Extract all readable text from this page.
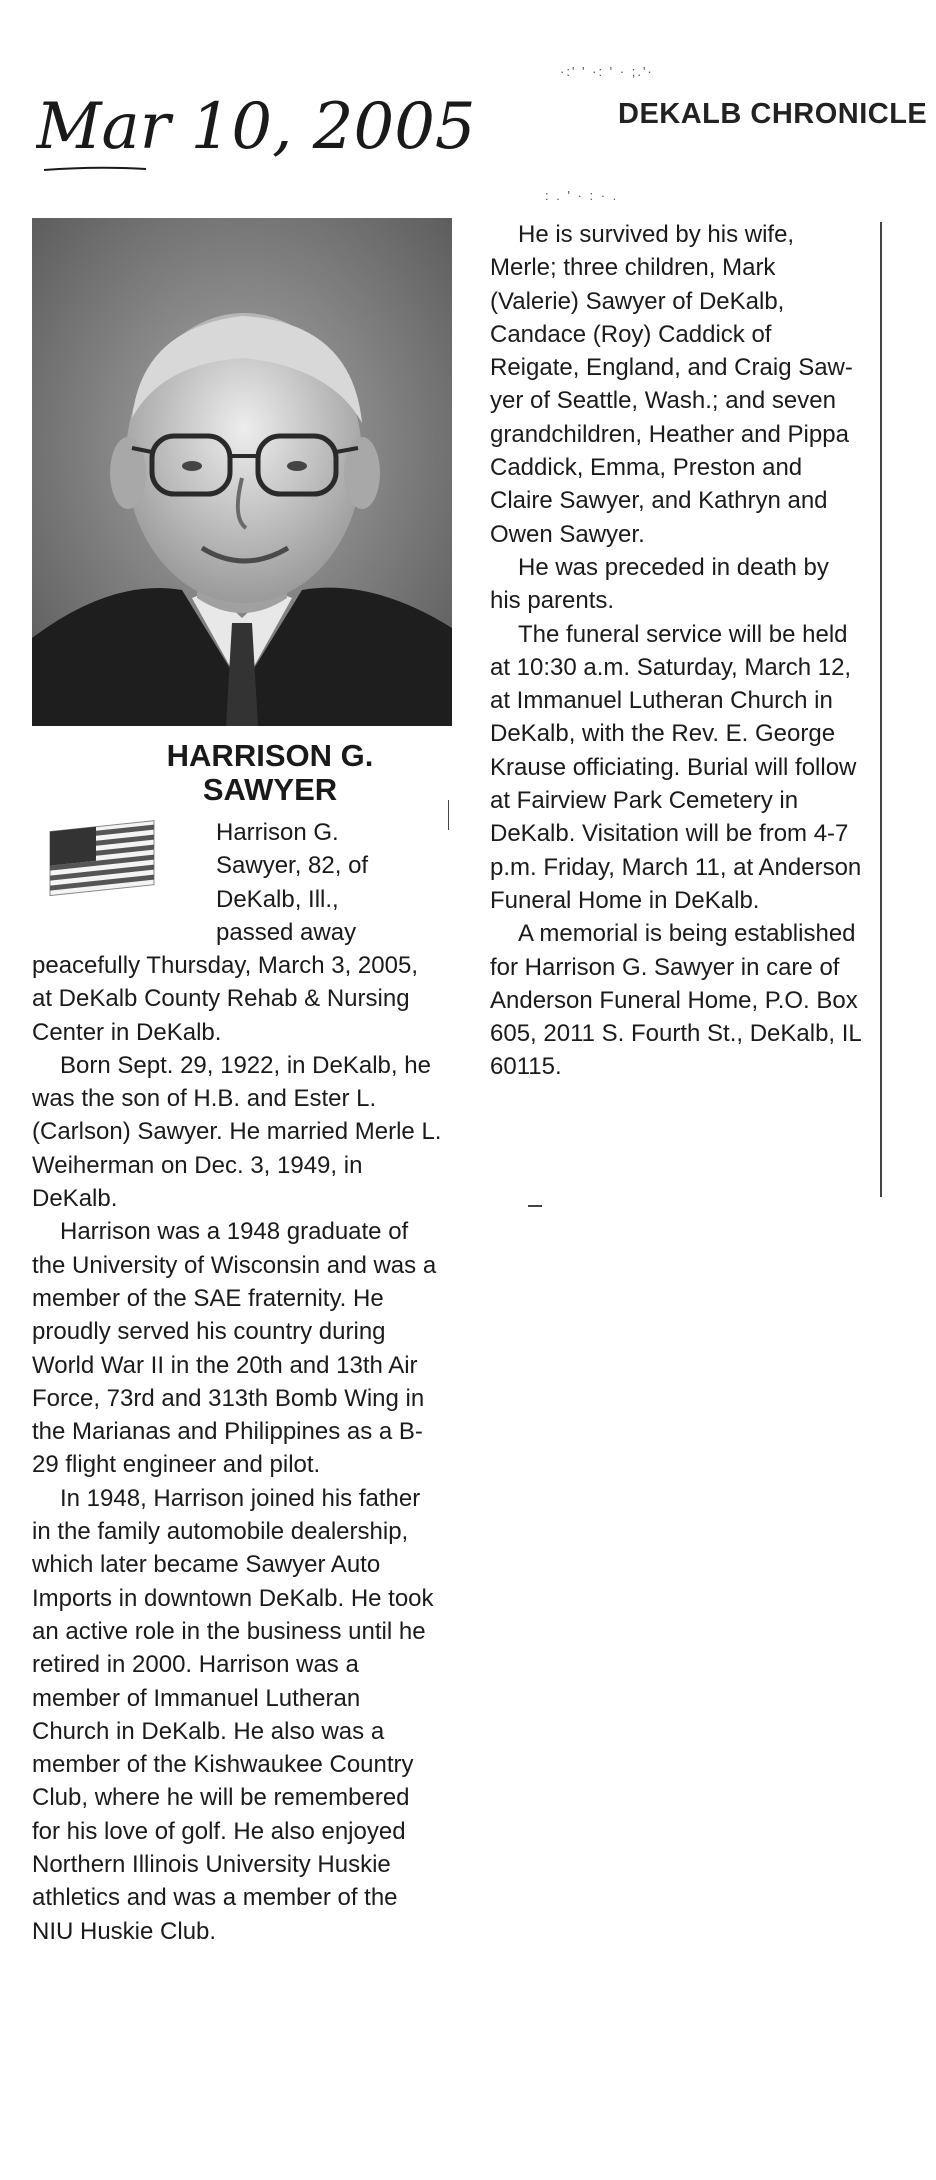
Mar 10, 2005
·:' ' ·: ' · ;.'·
DEKALB CHRONICLE
: . ' · : · .
HARRISON G.
SAWYER
Harrison G.
Sawyer, 82, of
DeKalb, Ill.,
passed away

peacefully Thursday, March 3, 2005, at DeKalb County Rehab & Nursing Center in DeKalb.

Born Sept. 29, 1922, in DeKalb, he was the son of H.B. and Ester L. (Carlson) Sawyer. He married Merle L. Weiherman on Dec. 3, 1949, in DeKalb.

Harrison was a 1948 graduate of the University of Wisconsin and was a member of the SAE fraternity. He proudly served his country during World War II in the 20th and 13th Air Force, 73rd and 313th Bomb Wing in the Marianas and Philippines as a B-29 flight engineer and pilot.

In 1948, Harrison joined his father in the family automobile dealership, which later became Sawyer Auto Imports in downtown DeKalb. He took an active role in the business until he retired in 2000. Harrison was a member of Immanuel Lutheran Church in DeKalb. He also was a member of the Kishwaukee Country Club, where he will be remembered for his love of golf. He also enjoyed Northern Illinois University Huskie athletics and was a member of the NIU Huskie Club.

He is survived by his wife, Merle; three children, Mark (Valerie) Sawyer of DeKalb, Candace (Roy) Caddick of Reigate, England, and Craig Saw-yer of Seattle, Wash.; and seven grandchildren, Heather and Pippa Caddick, Emma, Preston and Claire Sawyer, and Kathryn and Owen Sawyer.

He was preceded in death by his parents.

The funeral service will be held at 10:30 a.m. Saturday, March 12, at Immanuel Lutheran Church in DeKalb, with the Rev. E. George Krause officiating. Burial will follow at Fairview Park Cemetery in DeKalb. Visitation will be from 4-7 p.m. Friday, March 11, at Anderson Funeral Home in DeKalb.

A memorial is being established for Harrison G. Sawyer in care of Anderson Funeral Home, P.O. Box 605, 2011 S. Fourth St., DeKalb, IL 60115.
